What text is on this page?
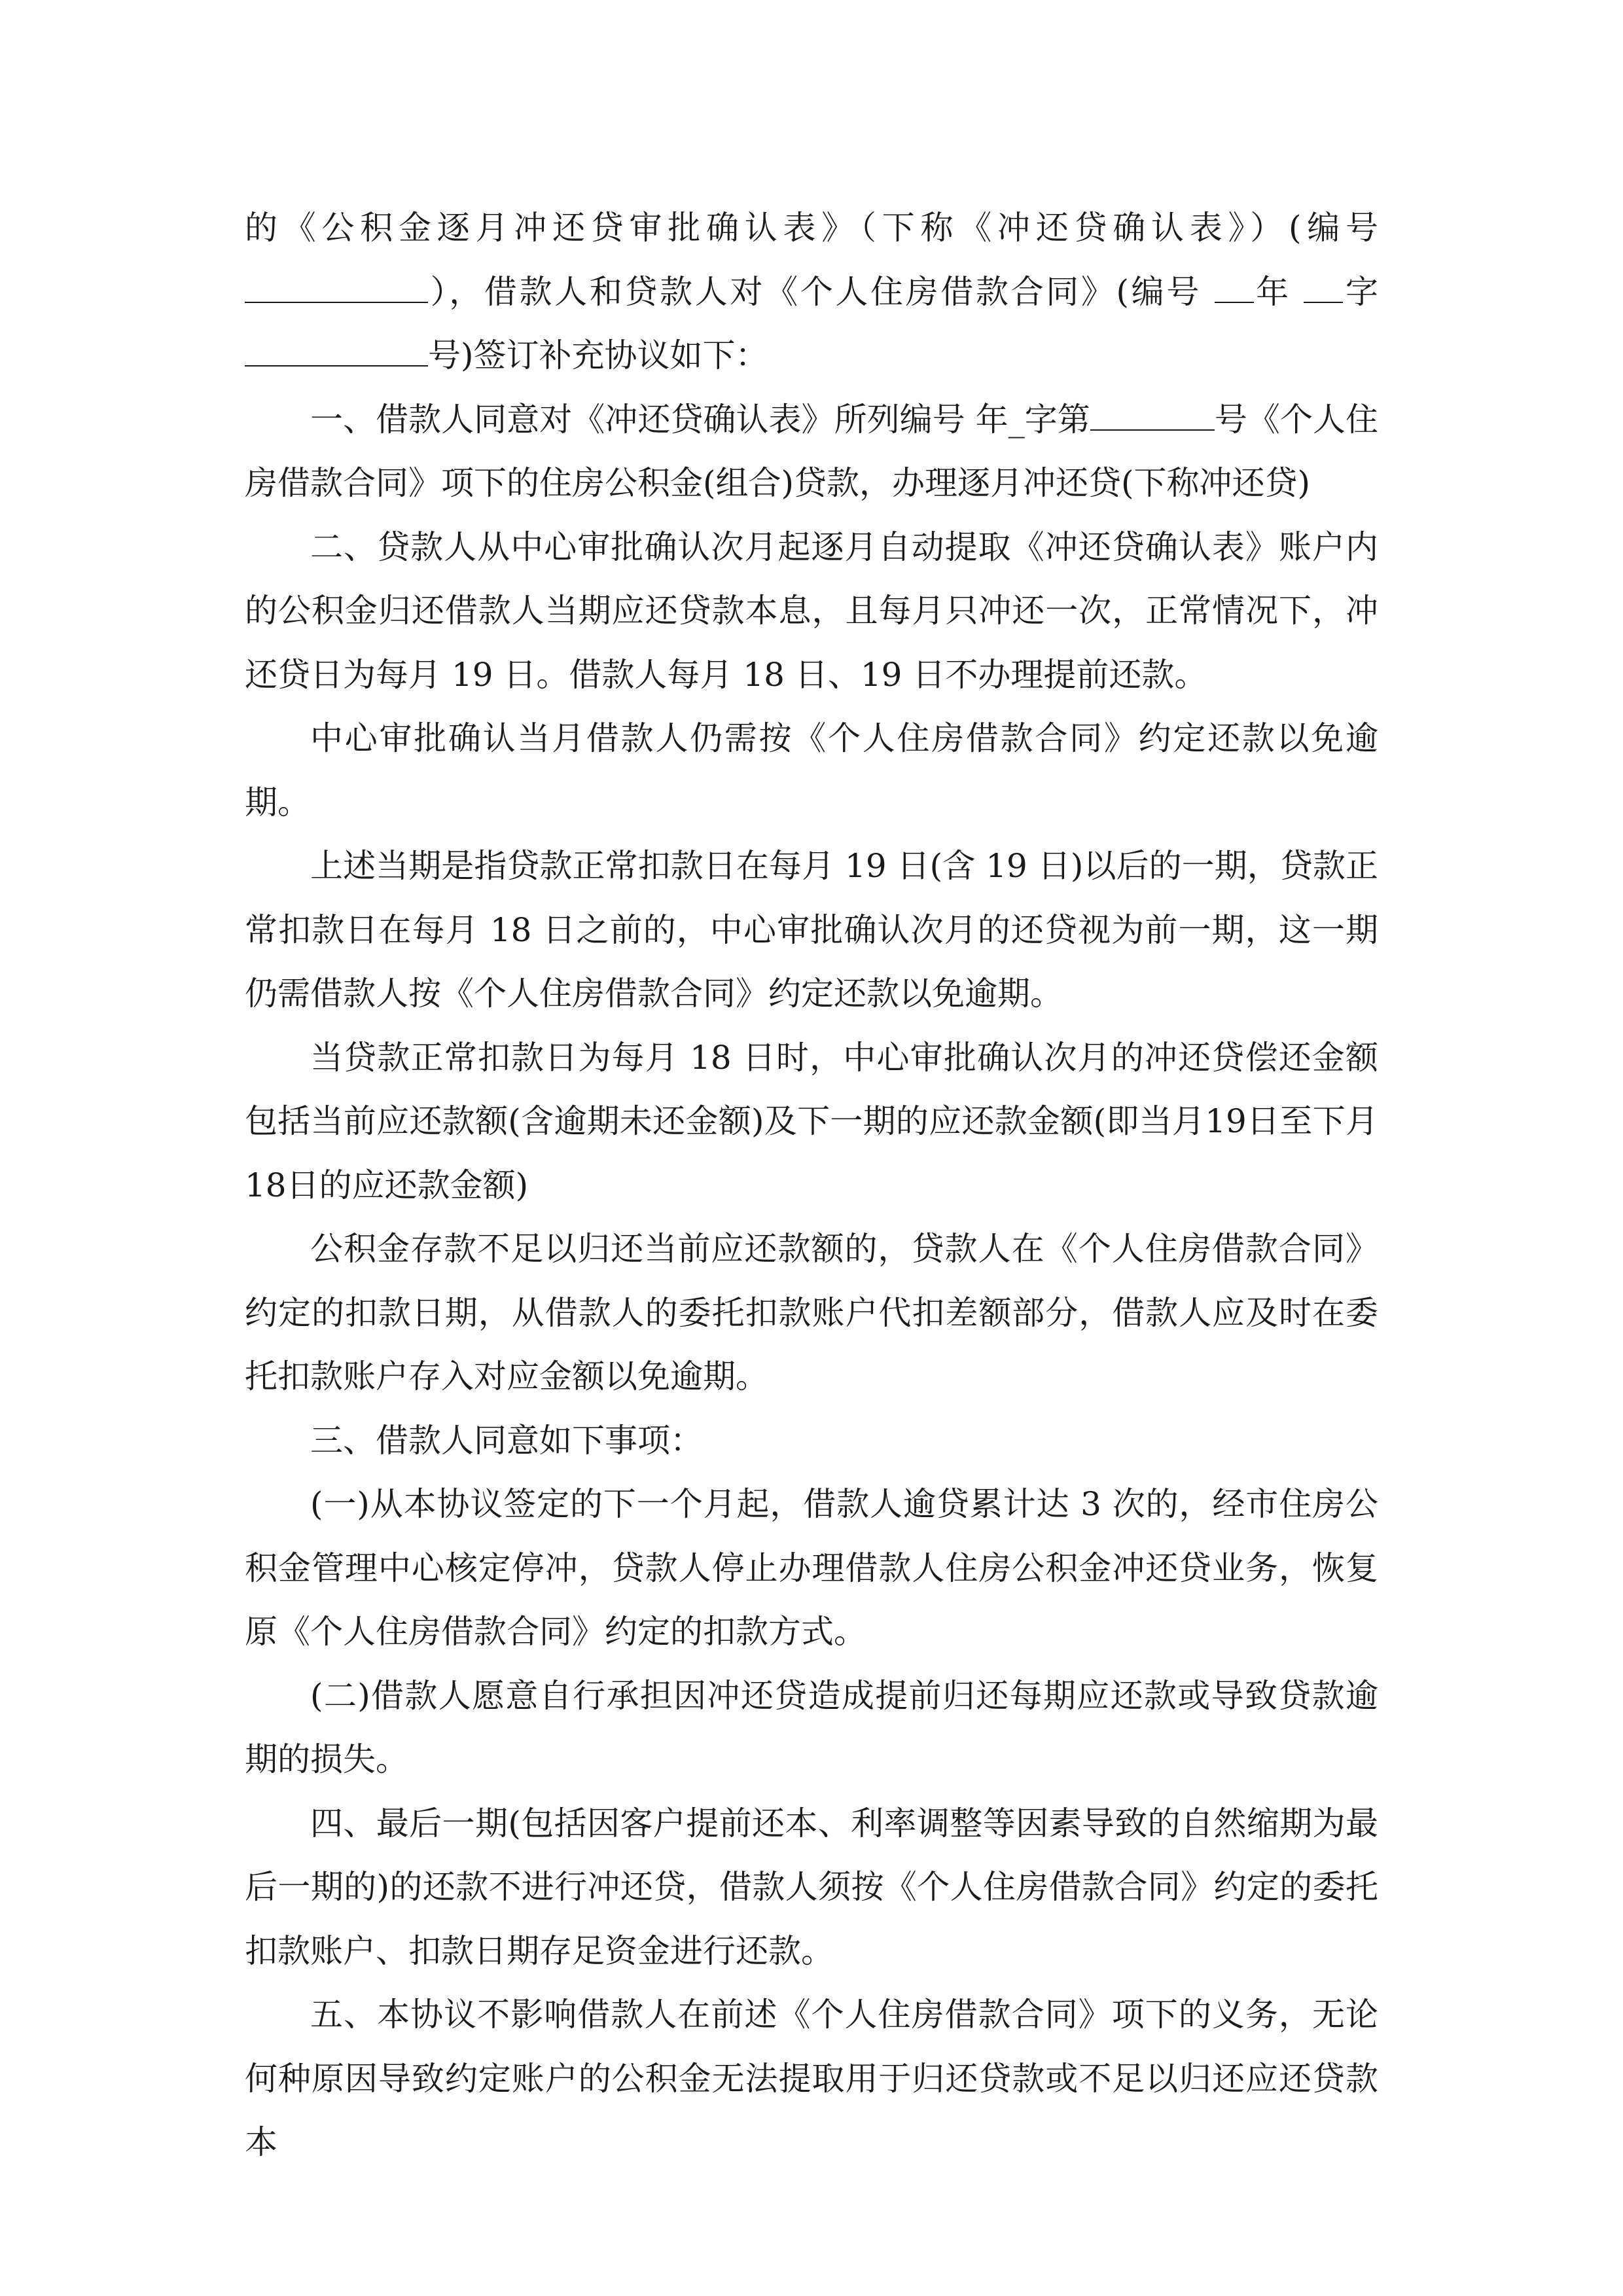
的《公积金逐月冲还贷审批确认表》（下称《冲还贷确认表》）(编号），借款人和贷款人对《个人住房借款合同》(编号 年 字号)签订补充协议如下：

一、借款人同意对《冲还贷确认表》所列编号 年_字第	号《个人住房借款合同》项下的住房公积金(组合)贷款，办理逐月冲还贷(下称冲还贷)

二、贷款人从中心审批确认次月起逐月自动提取《冲还贷确认表》账户内的公积金归还借款人当期应还贷款本息，且每月只冲还一次，正常情况下，冲还贷日为每月 19 日。借款人每月 18 日、19 日不办理提前还款。

中心审批确认当月借款人仍需按《个人住房借款合同》约定还款以免逾期。

上述当期是指贷款正常扣款日在每月 19 日(含 19 日)以后的一期，贷款正常扣款日在每月 18 日之前的，中心审批确认次月的还贷视为前一期，这一期仍需借款人按《个人住房借款合同》约定还款以免逾期。

当贷款正常扣款日为每月 18 日时，中心审批确认次月的冲还贷偿还金额包括当前应还款额(含逾期未还金额)及下一期的应还款金额(即当月19日至下月18日的应还款金额)

公积金存款不足以归还当前应还款额的，贷款人在《个人住房借款合同》约定的扣款日期，从借款人的委托扣款账户代扣差额部分，借款人应及时在委托扣款账户存入对应金额以免逾期。

三、借款人同意如下事项：

(一)从本协议签定的下一个月起，借款人逾贷累计达 3 次的，经市住房公积金管理中心核定停冲，贷款人停止办理借款人住房公积金冲还贷业务，恢复原《个人住房借款合同》约定的扣款方式。

(二)借款人愿意自行承担因冲还贷造成提前归还每期应还款或导致贷款逾期的损失。

四、最后一期(包括因客户提前还本、利率调整等因素导致的自然缩期为最后一期的)的还款不进行冲还贷，借款人须按《个人住房借款合同》约定的委托扣款账户、扣款日期存足资金进行还款。

五、本协议不影响借款人在前述《个人住房借款合同》项下的义务，无论何种原因导致约定账户的公积金无法提取用于归还贷款或不足以归还应还贷款本
